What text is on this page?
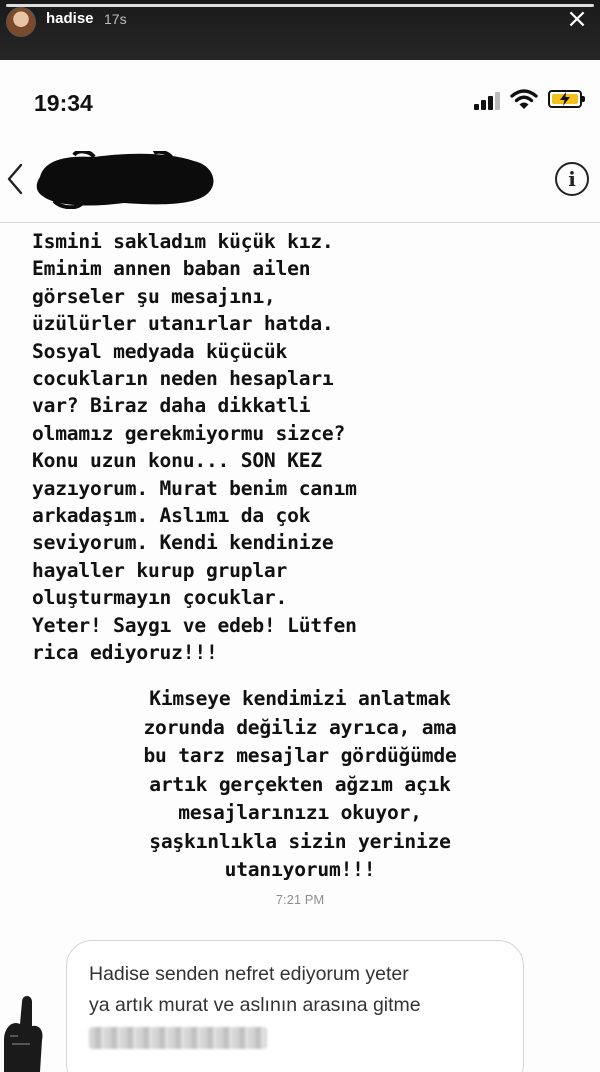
hadise 17s	×
19:34
i
Ismini sakladım küçük kız.
Eminim annen baban ailen
görseler şu mesajını,
üzülürler utanırlar hatda.
Sosyal medyada küçücük
cocukların neden hesapları
var? Biraz daha dikkatli
olmamız gerekmiyormu sizce?
Konu uzun konu... SON KEZ
yazıyorum. Murat benim canım
arkadaşım. Aslımı da çok
seviyorum. Kendi kendinize
hayaller kurup gruplar
oluşturmayın çocuklar.
Yeter! Saygı ve edeb! Lütfen
rica ediyoruz!!!
Kimseye kendimizi anlatmak
zorunda değiliz ayrıca, ama
bu tarz mesajlar gördüğümde
artık gerçekten ağzım açık
mesajlarınızı okuyor,
şaşkınlıkla sizin yerinize
utanıyorum!!!
7:21 PM
Hadise senden nefret ediyorum yeter
ya artık murat ve aslının arasına gitme
